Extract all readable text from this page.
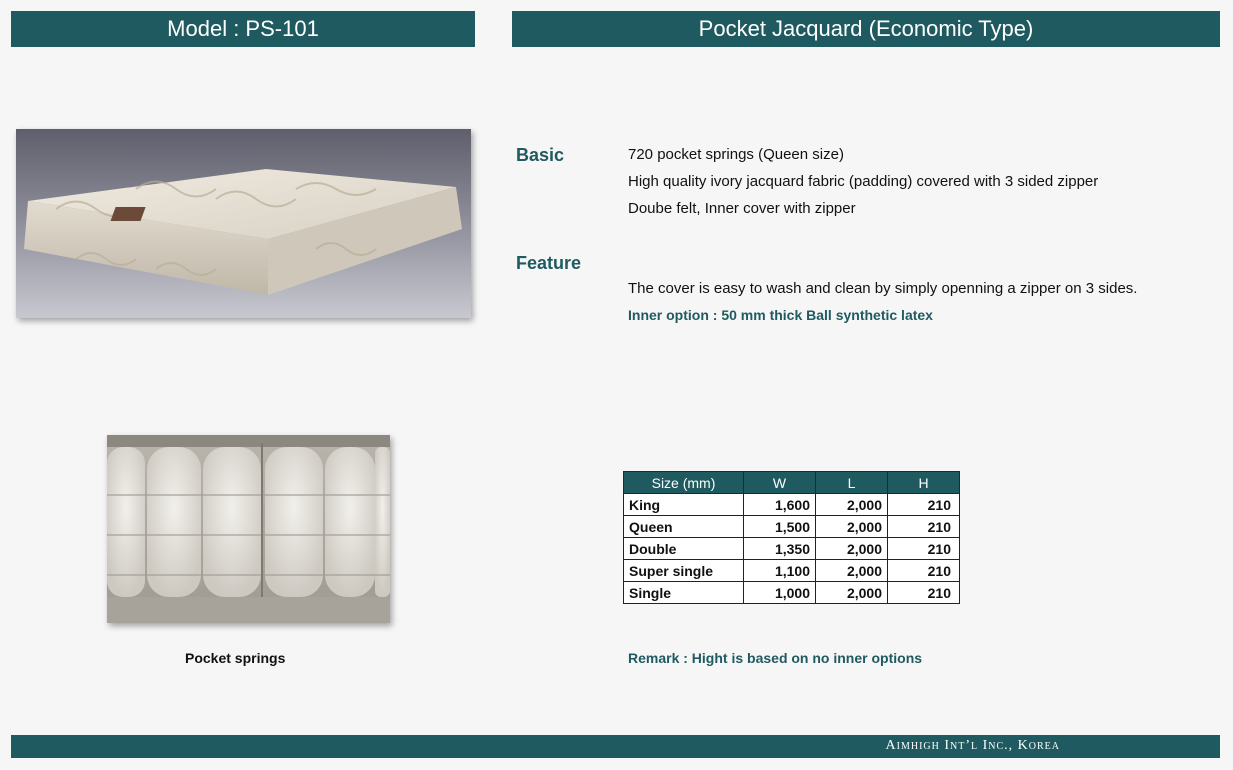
Model : PS-101	Pocket Jacquard (Economic Type)
Pocket springs
Basic	720 pocket springs (Queen size)
High quality ivory jacquard fabric (padding) covered with 3 sided zipper
Doube felt, Inner cover with zipper
Feature
The cover is easy to wash and clean by simply openning a zipper on 3 sides.
Inner option : 50 mm thick Ball synthetic latex
Size (mm)	W	L	H
King	1,600	2,000	210
Queen	1,500	2,000	210
Double	1,350	2,000	210
Super single	1,100	2,000	210
Single	1,000	2,000	210
Remark : Hight is based on no inner options
Aimhigh Int’l Inc., Korea
